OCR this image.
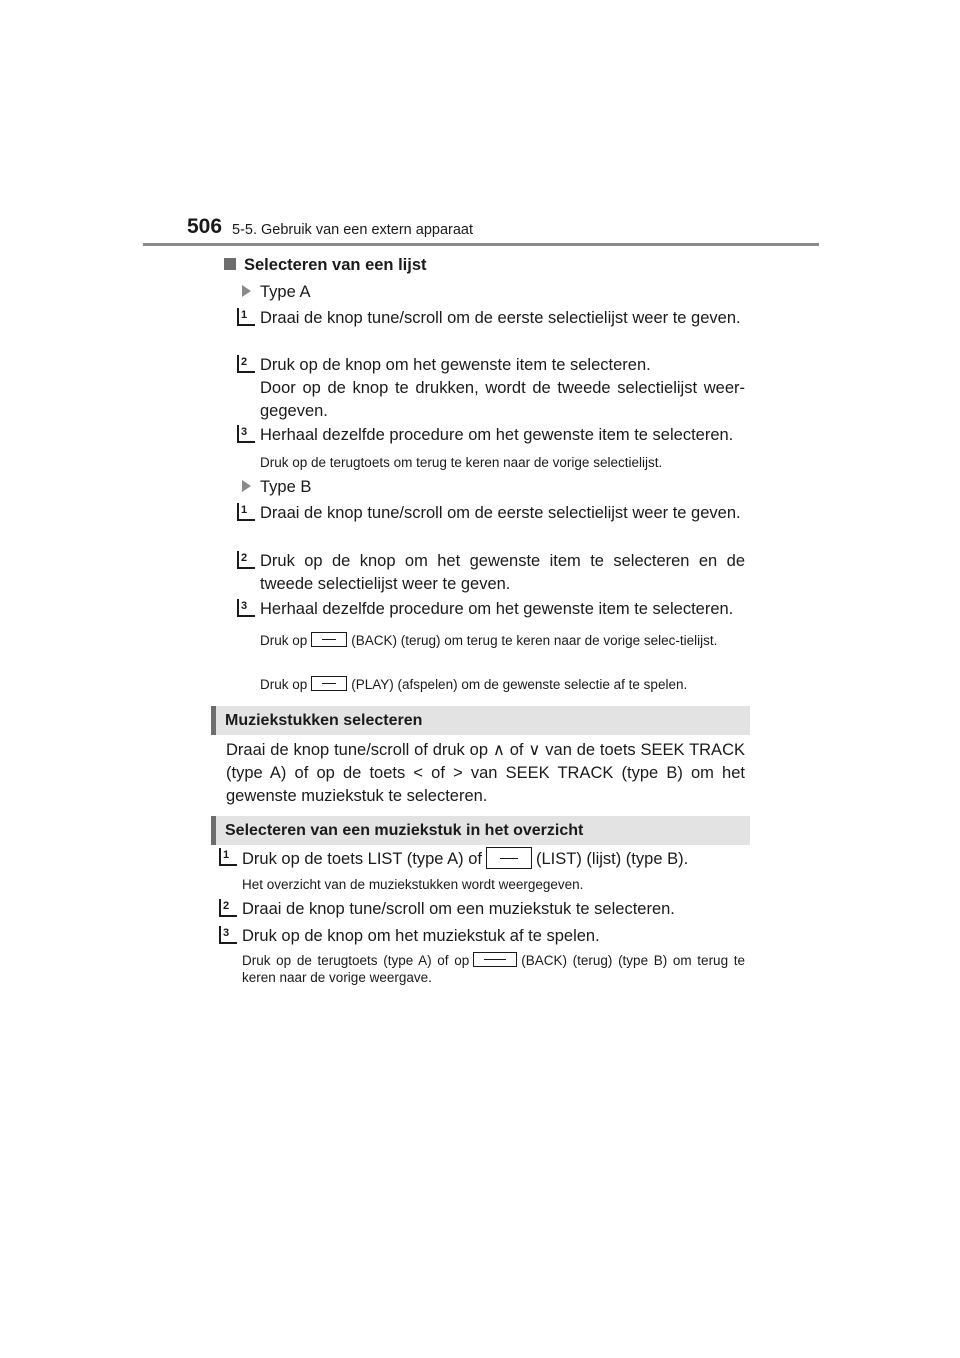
506 5-5. Gebruik van een extern apparaat
Selecteren van een lijst
Type A
1 Draai de knop tune/scroll om de eerste selectielijst weer te geven.
2 Druk op de knop om het gewenste item te selecteren.
Door op de knop te drukken, wordt de tweede selectielijst weer-gegeven.
3 Herhaal dezelfde procedure om het gewenste item te selecteren.
Druk op de terugtoets om terug te keren naar de vorige selectielijst.
Type B
1 Draai de knop tune/scroll om de eerste selectielijst weer te geven.
2 Druk op de knop om het gewenste item te selecteren en de tweede selectielijst weer te geven.
3 Herhaal dezelfde procedure om het gewenste item te selecteren.
Druk op	(BACK) (terug) om terug te keren naar de vorige selec-tielijst.
Druk op	(PLAY) (afspelen) om de gewenste selectie af te spelen.
Muziekstukken selecteren
Draai de knop tune/scroll of druk op ∧ of ∨ van de toets SEEK TRACK (type A) of op de toets < of > van SEEK TRACK (type B) om het gewenste muziekstuk te selecteren.
Selecteren van een muziekstuk in het overzicht
1 Druk op de toets LIST (type A) of	(LIST) (lijst) (type B).
Het overzicht van de muziekstukken wordt weergegeven.
2 Draai de knop tune/scroll om een muziekstuk te selecteren.
3 Druk op de knop om het muziekstuk af te spelen.
Druk op de terugtoets (type A) of op	(BACK) (terug) (type B) om terug te keren naar de vorige weergave.
